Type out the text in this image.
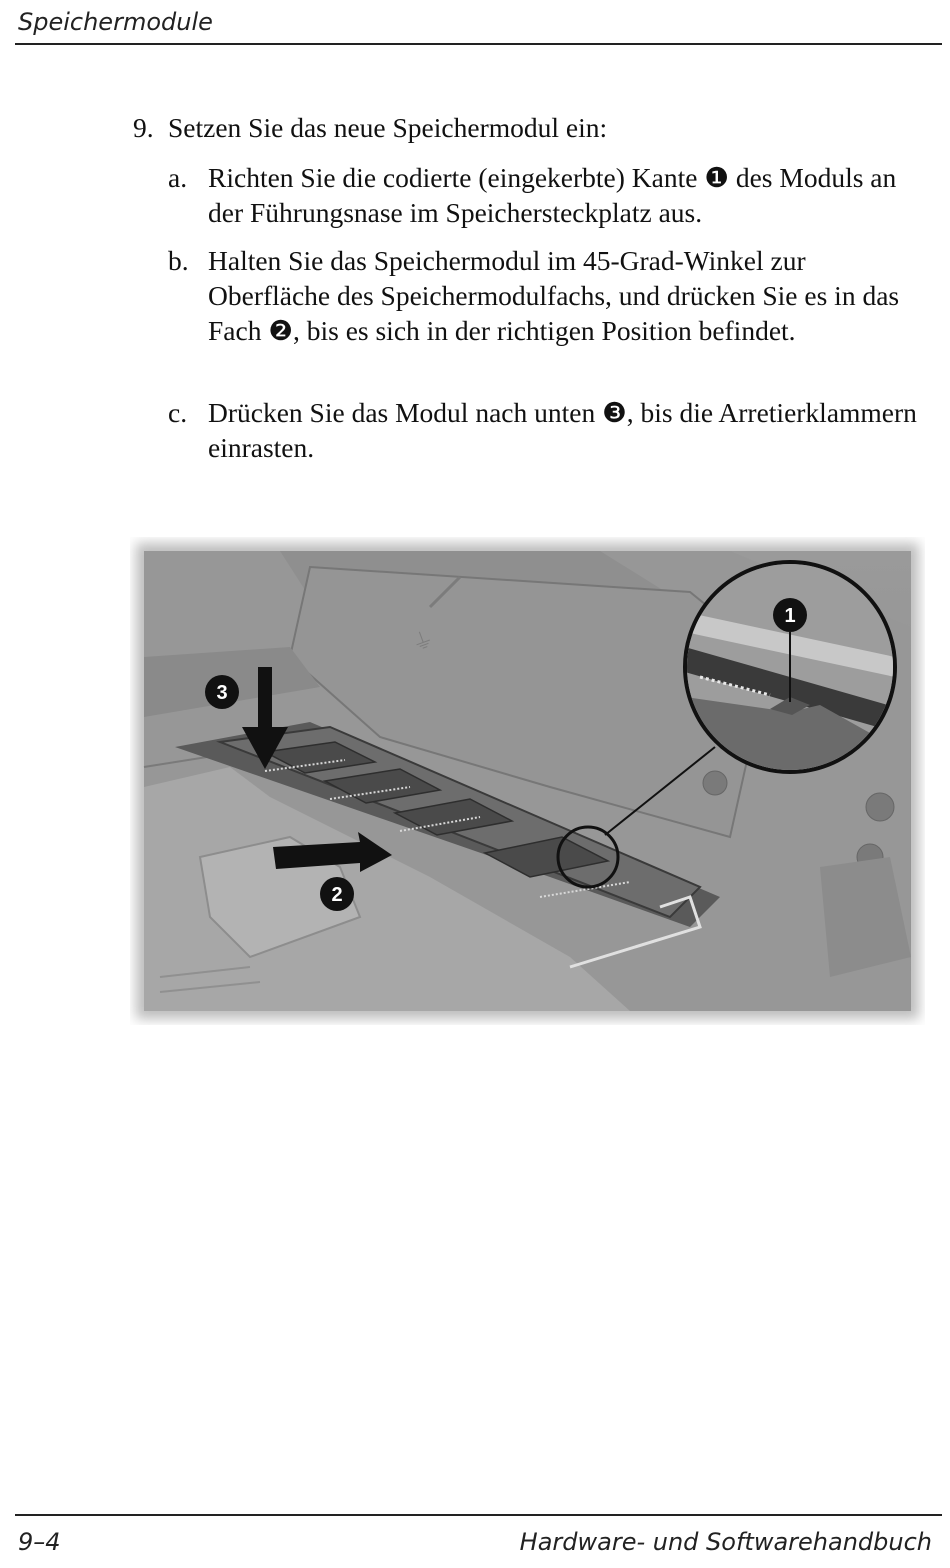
Speichermodule
9. Setzen Sie das neue Speichermodul ein:
a. Richten Sie die codierte (eingekerbte) Kante ❶ des Moduls an der Führungsnase im Speichersteckplatz aus.
b. Halten Sie das Speichermodul im 45-Grad-Winkel zur Oberfläche des Speichermodulfachs, und drücken Sie es in das Fach ❷, bis es sich in der richtigen Position befindet.
c. Drücken Sie das Modul nach unten ❸, bis die Arretierklammern einrasten.
⏚
3
2
1
9–4	Hardware- und Softwarehandbuch
